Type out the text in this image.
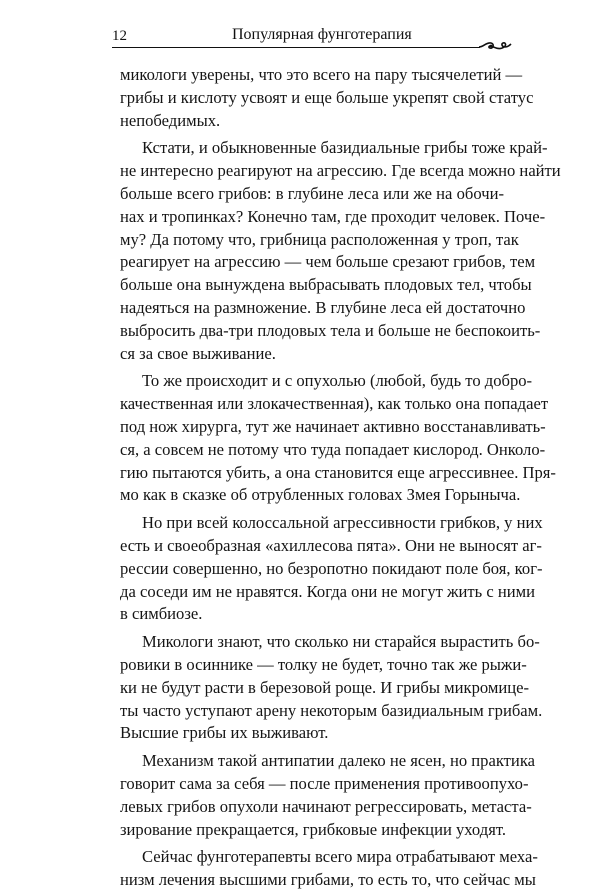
12	Популярная фунготерапия

микологи уверены, что это всего на пару тысячелетий —
грибы и кислоту усвоят и еще больше укрепят свой статус
непобедимых.

Кстати, и обыкновенные базидиальные грибы тоже край-
не интересно реагируют на агрессию. Где всегда можно найти
больше всего грибов: в глубине леса или же на обочи-
нах и тропинках? Конечно там, где проходит человек. Поче-
му? Да потому что, грибница расположенная у троп, так
реагирует на агрессию — чем больше срезают грибов, тем
больше она вынуждена выбрасывать плодовых тел, чтобы
надеяться на размножение. В глубине леса ей достаточно
выбросить два-три плодовых тела и больше не беспокоить-
ся за свое выживание.

То же происходит и с опухолью (любой, будь то добро-
качественная или злокачественная), как только она попадает
под нож хирурга, тут же начинает активно восстанавливать-
ся, а совсем не потому что туда попадает кислород. Онколо-
гию пытаются убить, а она становится еще агрессивнее. Пря-
мо как в сказке об отрубленных головах Змея Горыныча.

Но при всей колоссальной агрессивности грибков, у них
есть и своеобразная «ахиллесова пята». Они не выносят аг-
рессии совершенно, но безропотно покидают поле боя, ког-
да соседи им не нравятся. Когда они не могут жить с ними
в симбиозе.

Микологи знают, что сколько ни старайся вырастить бо-
ровики в осиннике — толку не будет, точно так же рыжи-
ки не будут расти в березовой роще. И грибы микромице-
ты часто уступают арену некоторым базидиальным грибам.
Высшие грибы их выживают.

Механизм такой антипатии далеко не ясен, но практика
говорит сама за себя — после применения противоопухо-
левых грибов опухоли начинают регрессировать, метаста-
зирование прекращается, грибковые инфекции уходят.

Сейчас фунготерапевты всего мира отрабатывают меха-
низм лечения высшими грибами, то есть то, что сейчас мы
